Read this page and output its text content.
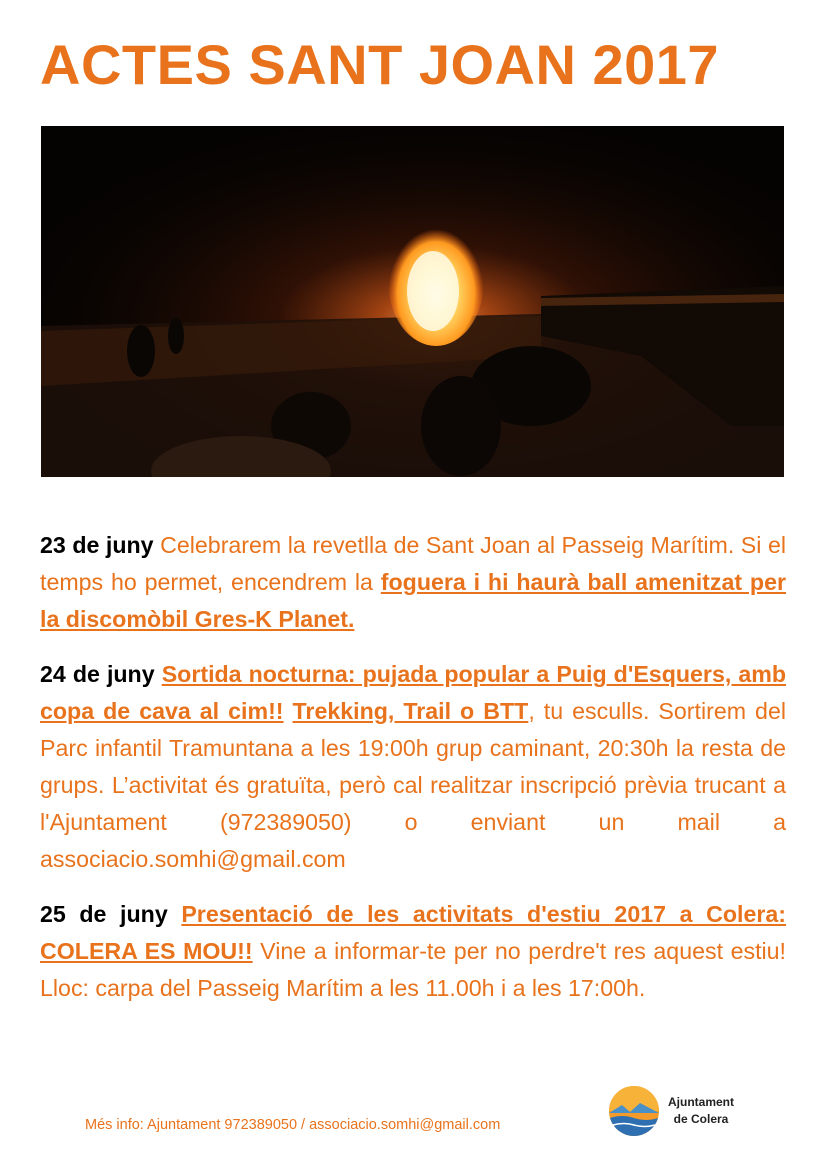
ACTES SANT JOAN 2017

23 de juny Celebrarem la revetlla de Sant Joan al Passeig Marítim. Si el temps ho permet, encendrem la foguera i hi haurà ball amenitzat per la discomòbil Gres-K Planet.

24 de juny Sortida nocturna: pujada popular a Puig d'Esquers, amb copa de cava al cim!! Trekking, Trail o BTT, tu esculls. Sortirem del Parc infantil Tramuntana a les 19:00h grup caminant, 20:30h la resta de grups. L’activitat és gratuïta, però cal realitzar inscripció prèvia trucant a l'Ajuntament (972389050) o enviant un mail a associacio.somhi@gmail.com

25 de juny Presentació de les activitats d'estiu 2017 a Colera: COLERA ES MOU!! Vine a informar-te per no perdre't res aquest estiu! Lloc: carpa del Passeig Marítim a les 11.00h i a les 17:00h.

Més info: Ajuntament 972389050 / associacio.somhi@gmail.com
Ajuntament
de Colera
